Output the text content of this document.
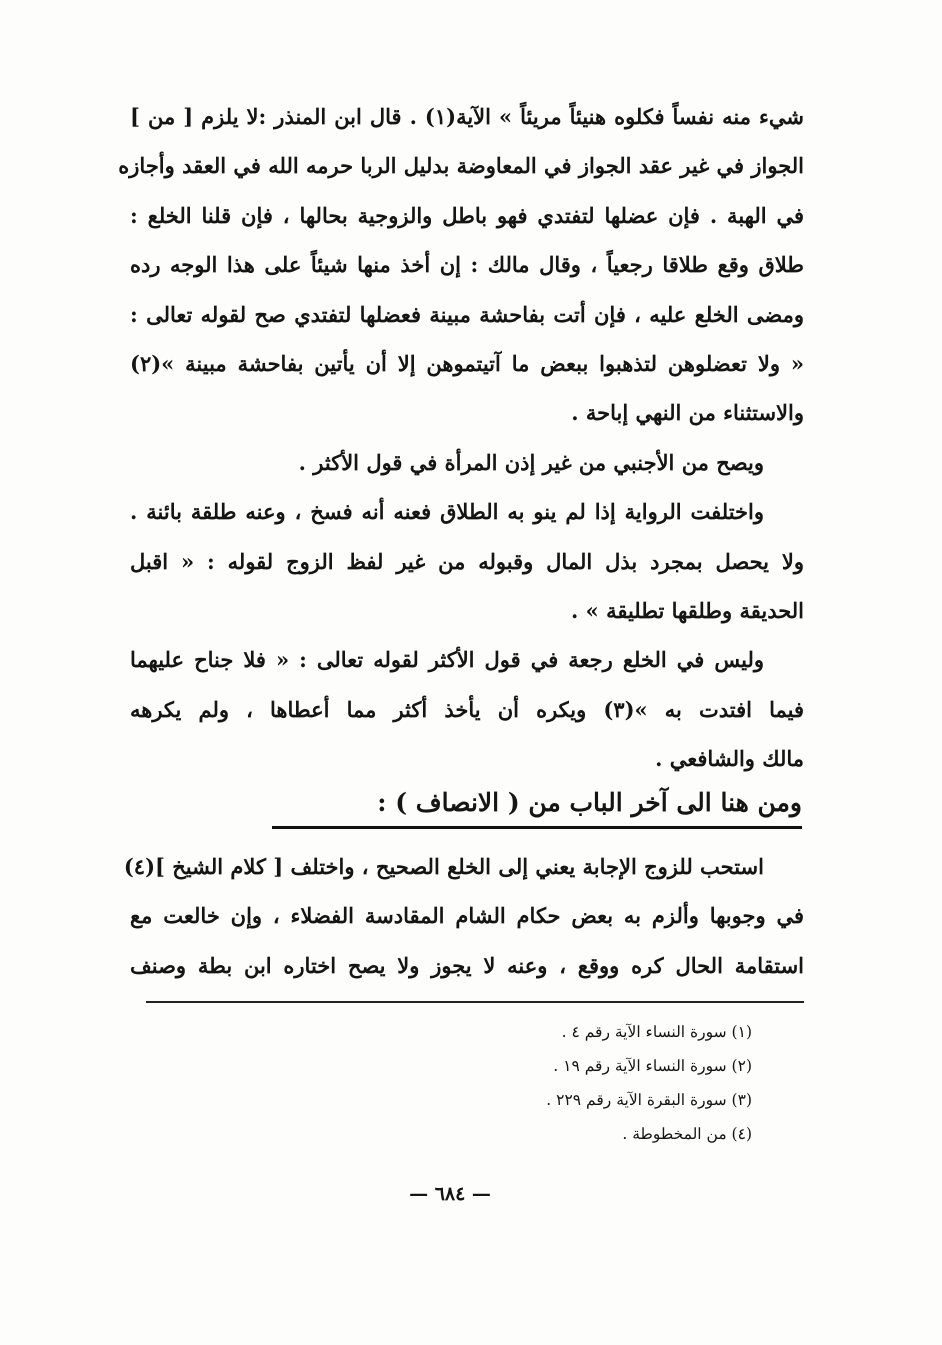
شيء منه نفساً فكلوه هنيئاً مريئاً » الآية(١) . قال ابن المنذر :لا يلزم [ من ]
الجواز في غير عقد الجواز في المعاوضة بدليل الربا حرمه الله في العقد وأجازه
في الهبة . فإن عضلها لتفتدي فهو باطل والزوجية بحالها ، فإن قلنا الخلع :
طلاق وقع طلاقا رجعياً ، وقال مالك : إن أخذ منها شيئاً على هذا الوجه رده
ومضى الخلع عليه ، فإن أتت بفاحشة مبينة فعضلها لتفتدي صح لقوله تعالى :
« ولا تعضلوهن لتذهبوا ببعض ما آتيتموهن إلا أن يأتين بفاحشة مبينة »(٢)
والاستثناء من النهي إباحة .
ويصح من الأجنبي من غير إذن المرأة في قول الأكثر .
واختلفت الرواية إذا لم ينو به الطلاق فعنه أنه فسخ ، وعنه طلقة بائنة .
ولا يحصل بمجرد بذل المال وقبوله من غير لفظ الزوج لقوله : « اقبل
الحديقة وطلقها تطليقة » .
وليس في الخلع رجعة في قول الأكثر لقوله تعالى : « فلا جناح عليهما
فيما افتدت به »(٣) ويكره أن يأخذ أكثر مما أعطاها ، ولم يكرهه
مالك والشافعي .
ومن هنا الى آخر الباب من ( الانصاف ) :
استحب للزوج الإجابة يعني إلى الخلع الصحيح ، واختلف [ كلام الشيخ ](٤)
في وجوبها وألزم به بعض حكام الشام المقادسة الفضلاء ، وإن خالعت مع
استقامة الحال كره ووقع ، وعنه لا يجوز ولا يصح اختاره ابن بطة وصنف
(١) سورة النساء الآية رقم ٤ .
(٢) سورة النساء الآية رقم ١٩ .
(٣) سورة البقرة الآية رقم ٢٢٩ .
(٤) من المخطوطة .
— ٦٨٤ —
